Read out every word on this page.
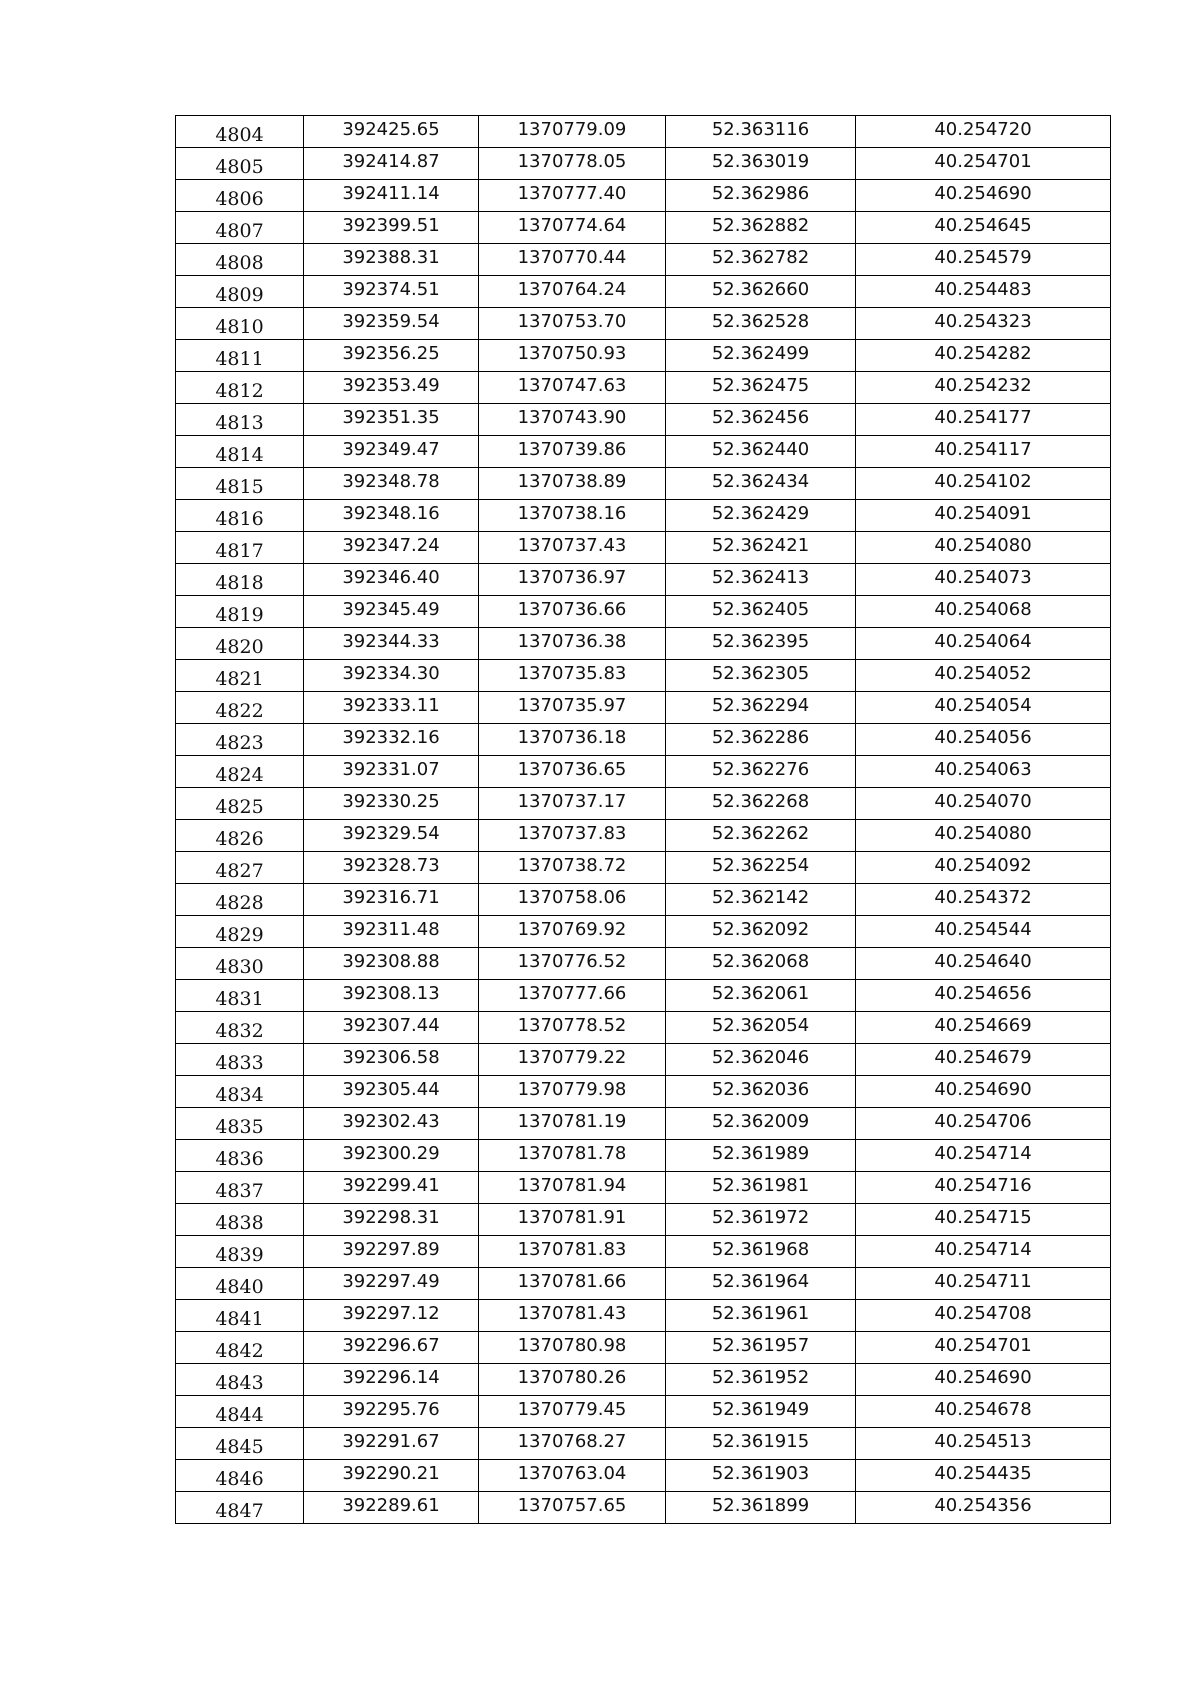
4804	392425.65	1370779.09	52.363116	40.254720
4805	392414.87	1370778.05	52.363019	40.254701
4806	392411.14	1370777.40	52.362986	40.254690
4807	392399.51	1370774.64	52.362882	40.254645
4808	392388.31	1370770.44	52.362782	40.254579
4809	392374.51	1370764.24	52.362660	40.254483
4810	392359.54	1370753.70	52.362528	40.254323
4811	392356.25	1370750.93	52.362499	40.254282
4812	392353.49	1370747.63	52.362475	40.254232
4813	392351.35	1370743.90	52.362456	40.254177
4814	392349.47	1370739.86	52.362440	40.254117
4815	392348.78	1370738.89	52.362434	40.254102
4816	392348.16	1370738.16	52.362429	40.254091
4817	392347.24	1370737.43	52.362421	40.254080
4818	392346.40	1370736.97	52.362413	40.254073
4819	392345.49	1370736.66	52.362405	40.254068
4820	392344.33	1370736.38	52.362395	40.254064
4821	392334.30	1370735.83	52.362305	40.254052
4822	392333.11	1370735.97	52.362294	40.254054
4823	392332.16	1370736.18	52.362286	40.254056
4824	392331.07	1370736.65	52.362276	40.254063
4825	392330.25	1370737.17	52.362268	40.254070
4826	392329.54	1370737.83	52.362262	40.254080
4827	392328.73	1370738.72	52.362254	40.254092
4828	392316.71	1370758.06	52.362142	40.254372
4829	392311.48	1370769.92	52.362092	40.254544
4830	392308.88	1370776.52	52.362068	40.254640
4831	392308.13	1370777.66	52.362061	40.254656
4832	392307.44	1370778.52	52.362054	40.254669
4833	392306.58	1370779.22	52.362046	40.254679
4834	392305.44	1370779.98	52.362036	40.254690
4835	392302.43	1370781.19	52.362009	40.254706
4836	392300.29	1370781.78	52.361989	40.254714
4837	392299.41	1370781.94	52.361981	40.254716
4838	392298.31	1370781.91	52.361972	40.254715
4839	392297.89	1370781.83	52.361968	40.254714
4840	392297.49	1370781.66	52.361964	40.254711
4841	392297.12	1370781.43	52.361961	40.254708
4842	392296.67	1370780.98	52.361957	40.254701
4843	392296.14	1370780.26	52.361952	40.254690
4844	392295.76	1370779.45	52.361949	40.254678
4845	392291.67	1370768.27	52.361915	40.254513
4846	392290.21	1370763.04	52.361903	40.254435
4847	392289.61	1370757.65	52.361899	40.254356
